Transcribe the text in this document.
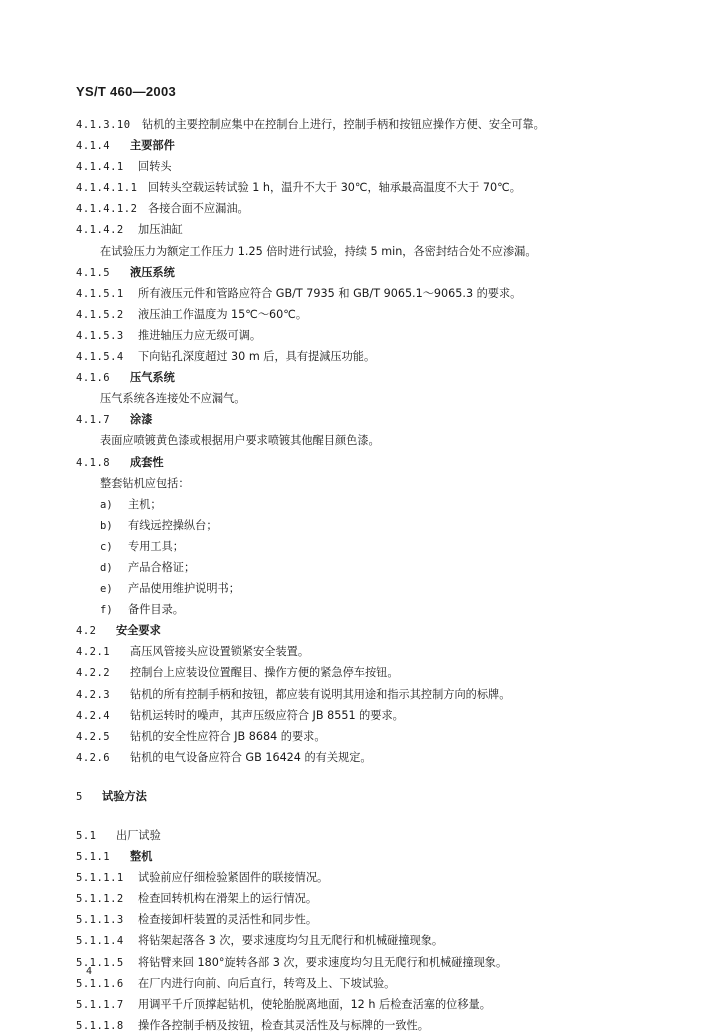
YS/T 460—2003
4.1.3.10 钻机的主要控制应集中在控制台上进行，控制手柄和按钮应操作方便、安全可靠。
4.1.4 主要部件
4.1.4.1 回转头
4.1.4.1.1 回转头空载运转试验 1 h，温升不大于 30℃，轴承最高温度不大于 70℃。
4.1.4.1.2 各接合面不应漏油。
4.1.4.2 加压油缸
在试验压力为额定工作压力 1.25 倍时进行试验，持续 5 min，各密封结合处不应渗漏。
4.1.5 液压系统
4.1.5.1 所有液压元件和管路应符合 GB/T 7935 和 GB/T 9065.1～9065.3 的要求。
4.1.5.2 液压油工作温度为 15℃～60℃。
4.1.5.3 推进轴压力应无级可调。
4.1.5.4 下向钻孔深度超过 30 m 后，具有提減压功能。
4.1.6 压气系统
压气系统各连接处不应漏气。
4.1.7 涂漆
表面应喷镀黄色漆或根据用户要求喷镀其他醒目颜色漆。
4.1.8 成套性
整套钻机应包括：
a) 主机；
b) 有线远控操纵台；
c) 专用工具；
d) 产品合格证；
e) 产品使用维护说明书；
f) 备件目录。
4.2 安全要求
4.2.1 高压风管接头应设置锁紧安全装置。
4.2.2 控制台上应装设位置醒目、操作方便的紧急停车按钮。
4.2.3 钻机的所有控制手柄和按钮，都应装有说明其用途和指示其控制方向的标牌。
4.2.4 钻机运转时的噪声，其声压级应符合 JB 8551 的要求。
4.2.5 钻机的安全性应符合 JB 8684 的要求。
4.2.6 钻机的电气设备应符合 GB 16424 的有关规定。
5 试验方法
5.1 出厂试验
5.1.1 整机
5.1.1.1 试验前应仔细检验紧固件的联接情况。
5.1.1.2 检查回转机构在滑架上的运行情况。
5.1.1.3 检查接卸杆装置的灵活性和同步性。
5.1.1.4 将钻架起落各 3 次，要求速度均匀且无爬行和机械碰撞现象。
5.1.1.5 将钻臂来回 180°旋转各部 3 次，要求速度均匀且无爬行和机械碰撞现象。
5.1.1.6 在厂内进行向前、向后直行，转弯及上、下坡试验。
5.1.1.7 用调平千斤顶撑起钻机，使轮胎脱离地面，12 h 后检查活塞的位移量。
5.1.1.8 操作各控制手柄及按钮，检查其灵活性及与标牌的一致性。
4
